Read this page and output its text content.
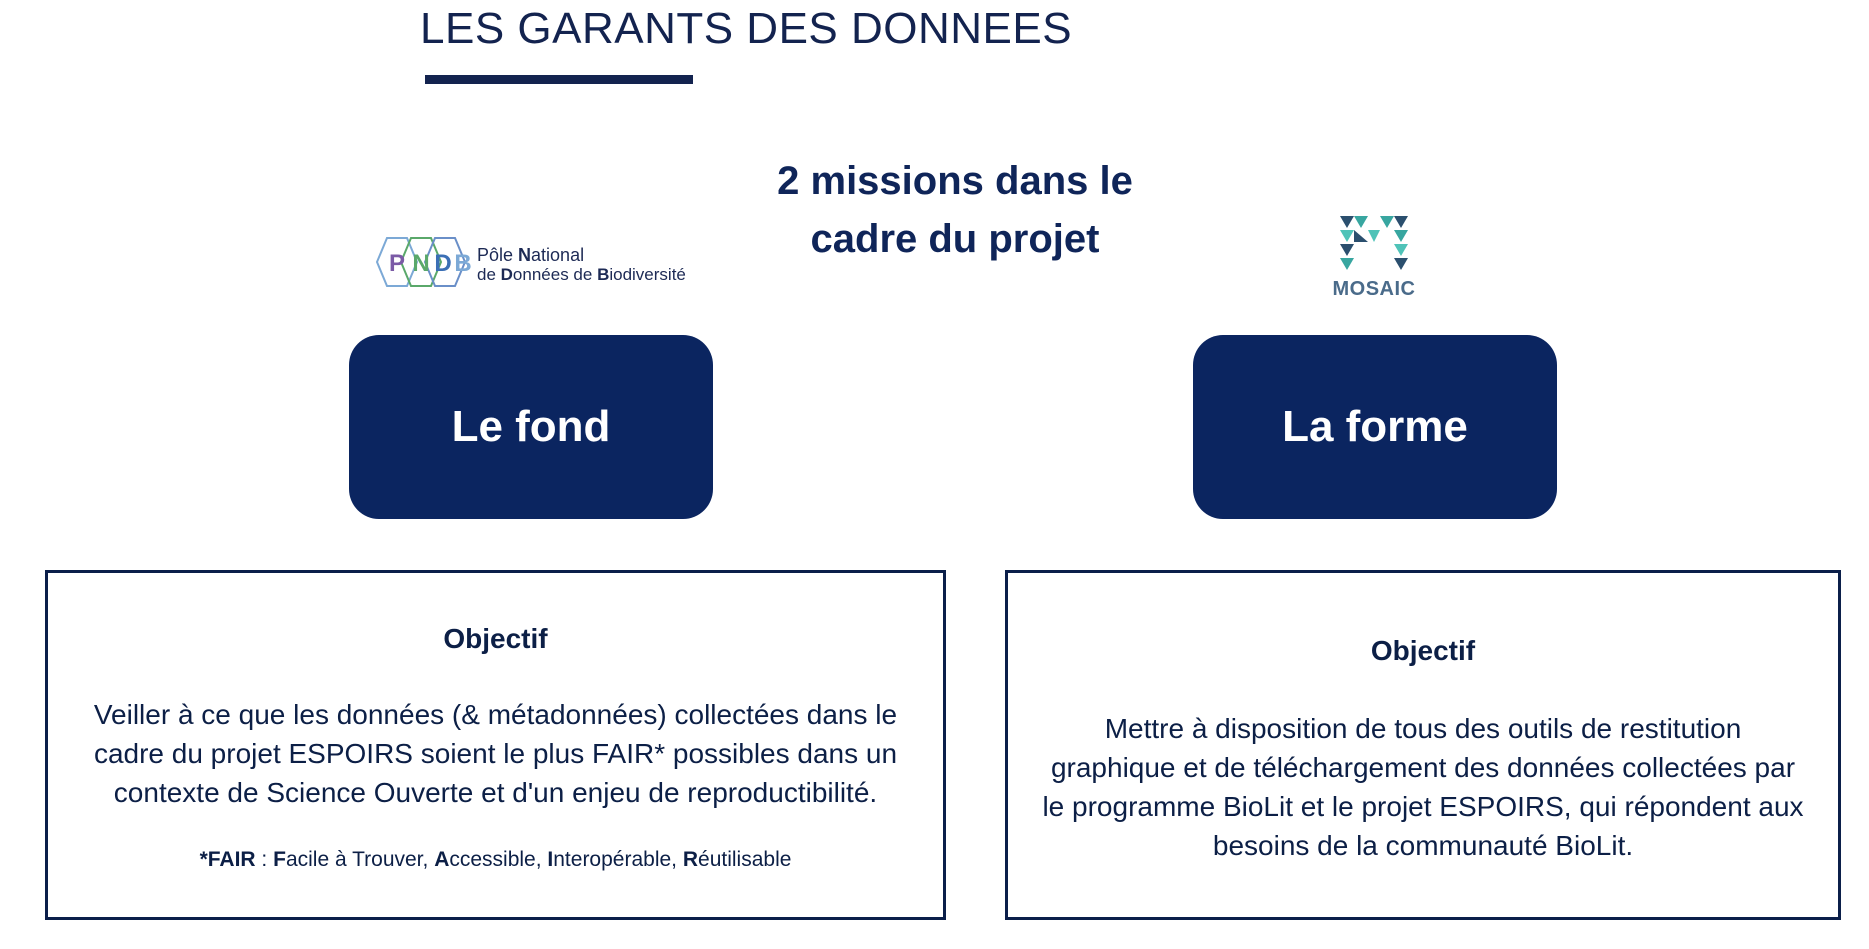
LES GARANTS DES DONNEES
2 missions dans le
cadre du projet
P N D B Pôle National
de Données de Biodiversité
MOSAIC
Le fond	La forme
Objectif
Veiller à ce que les données (& métadonnées) collectées dans le
cadre du projet ESPOIRS soient le plus FAIR* possibles dans un
contexte de Science Ouverte et d'un enjeu de reproductibilité.
*FAIR : Facile à Trouver, Accessible, Interopérable, Réutilisable
Objectif
Mettre à disposition de tous des outils de restitution
graphique et de téléchargement des données collectées par
le programme BioLit et le projet ESPOIRS, qui répondent aux
besoins de la communauté BioLit.
